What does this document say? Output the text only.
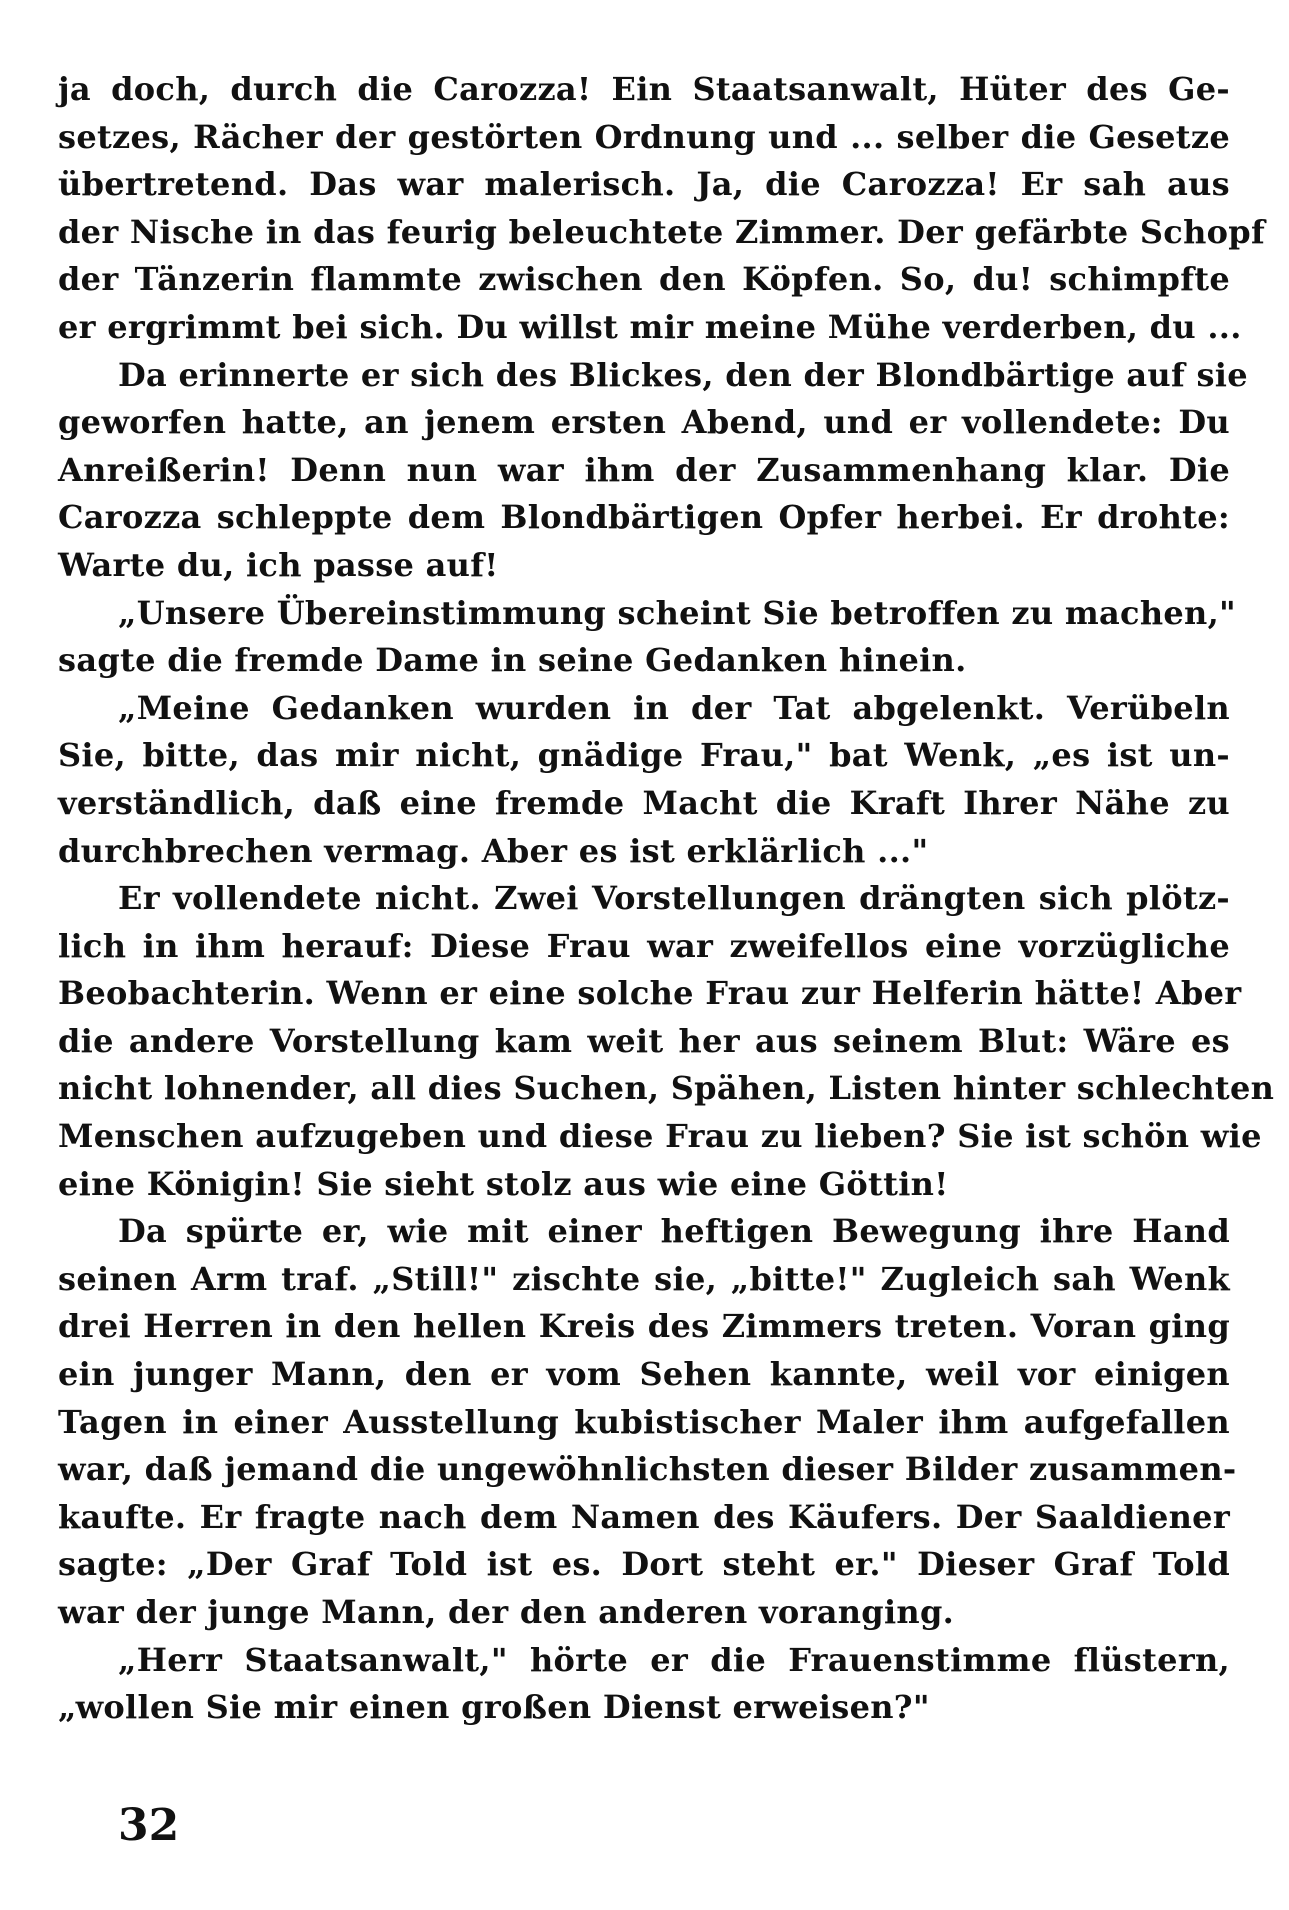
ja doch, durch die Carozza! Ein Staatsanwalt, Hüter des Ge-
setzes, Rächer der gestörten Ordnung und ... selber die Gesetze
übertretend. Das war malerisch. Ja, die Carozza! Er sah aus
der Nische in das feurig beleuchtete Zimmer. Der gefärbte Schopf
der Tänzerin flammte zwischen den Köpfen. So, du! schimpfte
er ergrimmt bei sich. Du willst mir meine Mühe verderben, du ...
Da erinnerte er sich des Blickes, den der Blondbärtige auf sie
geworfen hatte, an jenem ersten Abend, und er vollendete: Du
Anreißerin! Denn nun war ihm der Zusammenhang klar. Die
Carozza schleppte dem Blondbärtigen Opfer herbei. Er drohte:
Warte du, ich passe auf!
„Unsere Übereinstimmung scheint Sie betroffen zu machen,"
sagte die fremde Dame in seine Gedanken hinein.
„Meine Gedanken wurden in der Tat abgelenkt. Verübeln
Sie, bitte, das mir nicht, gnädige Frau," bat Wenk, „es ist un-
verständlich, daß eine fremde Macht die Kraft Ihrer Nähe zu
durchbrechen vermag. Aber es ist erklärlich ..."
Er vollendete nicht. Zwei Vorstellungen drängten sich plötz-
lich in ihm herauf: Diese Frau war zweifellos eine vorzügliche
Beobachterin. Wenn er eine solche Frau zur Helferin hätte! Aber
die andere Vorstellung kam weit her aus seinem Blut: Wäre es
nicht lohnender, all dies Suchen, Spähen, Listen hinter schlechten
Menschen aufzugeben und diese Frau zu lieben? Sie ist schön wie
eine Königin! Sie sieht stolz aus wie eine Göttin!
Da spürte er, wie mit einer heftigen Bewegung ihre Hand
seinen Arm traf. „Still!" zischte sie, „bitte!" Zugleich sah Wenk
drei Herren in den hellen Kreis des Zimmers treten. Voran ging
ein junger Mann, den er vom Sehen kannte, weil vor einigen
Tagen in einer Ausstellung kubistischer Maler ihm aufgefallen
war, daß jemand die ungewöhnlichsten dieser Bilder zusammen-
kaufte. Er fragte nach dem Namen des Käufers. Der Saaldiener
sagte: „Der Graf Told ist es. Dort steht er." Dieser Graf Told
war der junge Mann, der den anderen voranging.
„Herr Staatsanwalt," hörte er die Frauenstimme flüstern,
„wollen Sie mir einen großen Dienst erweisen?"
32
